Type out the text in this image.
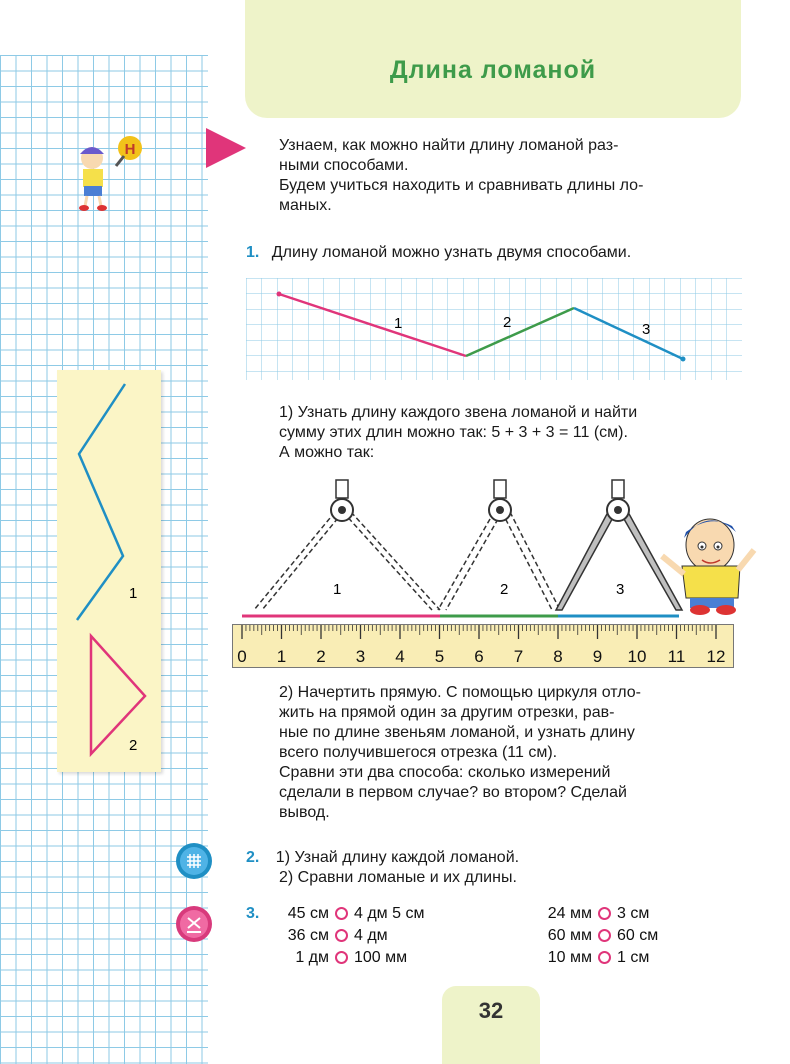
Длина ломаной
Н	Узнаем, как можно найти длину ломаной раз-
ными способами.
Будем учиться находить и сравнивать длины ло-
маных.
1. Длину ломаной можно узнать двумя способами.
1	2	3
1) Узнать длину каждого звена ломаной и найти
сумму этих длин можно так: 5 + 3 + 3 = 11 (см).
А можно так:
1	2	3
0 1 2 3 4 5 6 7 8 9 10 11 12
2) Начертить прямую. С помощью циркуля отло-
жить на прямой один за другим отрезки, рав-
ные по длине звеньям ломаной, и узнать длину
всего получившегося отрезка (11 см).
Сравни эти два способа: сколько измерений
сделали в первом случае? во втором? Сделай
вывод.
1
2
2. 1) Узнай длину каждой ломаной.
2) Сравни ломаные и их длины.
3.	45 см 4 дм 5 см
36 см 4 дм
1 дм 100 мм
24 мм 3 см
60 мм 60 см
10 мм 1 см
32
